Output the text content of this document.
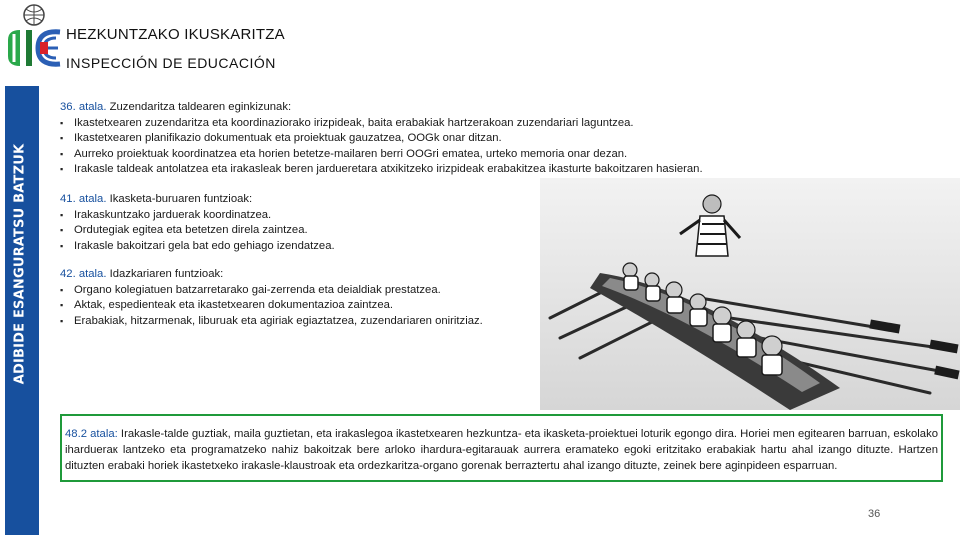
HEZKUNTZAKO IKUSKARITZA
INSPECCIÓN DE EDUCACIÓN
ADIBIDE ESANGURATSU BATZUK
36. atala. Zuzendaritza taldearen eginkizunak:
▪ Ikastetxearen zuzendaritza eta koordinaziorako irizpideak, baita erabakiak hartzerakoan zuzendariari laguntzea.
▪ Ikastetxearen planifikazio dokumentuak eta proiektuak gauzatzea, OOGk onar ditzan.
▪ Aurreko proiektuak koordinatzea eta horien betetze-mailaren berri OOGri ematea, urteko memoria onar dezan.
▪ Irakasle taldeak antolatzea eta irakasleak beren jardueretara atxikitzeko irizpideak erabakitzea ikasturte bakoitzaren hasieran.
41. atala. Ikasketa-buruaren funtzioak:
▪ Irakaskuntzako jarduerak koordinatzea.
▪ Ordutegiak egitea eta betetzen direla zaintzea.
▪ Irakasle bakoitzari gela bat edo gehiago izendatzea.
42. atala. Idazkariaren funtzioak:
▪ Organo kolegiatuen batzarretarako gai-zerrenda eta deialdiak prestatzea.
▪ Aktak, espedienteak eta ikastetxearen dokumentazioa zaintzea.
▪ Erabakiak, hitzarmenak, liburuak eta agiriak egiaztatzea, zuzendariaren oniritziaz.
48.2 atala: Irakasle-talde guztiak, maila guztietan, eta irakaslegoa ikastetxearen hezkuntza- eta ikasketa-proiektuei loturik egongo dira. Horiei men egitearen barruan, eskolako ihardueraк lantzeko eta programatzeko nahiz bakoitzak bere arloko ihardura-egitarauak aurrera eramateko egoki eritzitako erabakiak hartu ahal izango dituzte. Hartzen dituzten erabaki horiek ikastetxeko irakasle-klaustroak eta ordezkaritza-organo gorenak berraztertu ahal izango dituzte, zeinek bere aginpideen esparruan.
36
